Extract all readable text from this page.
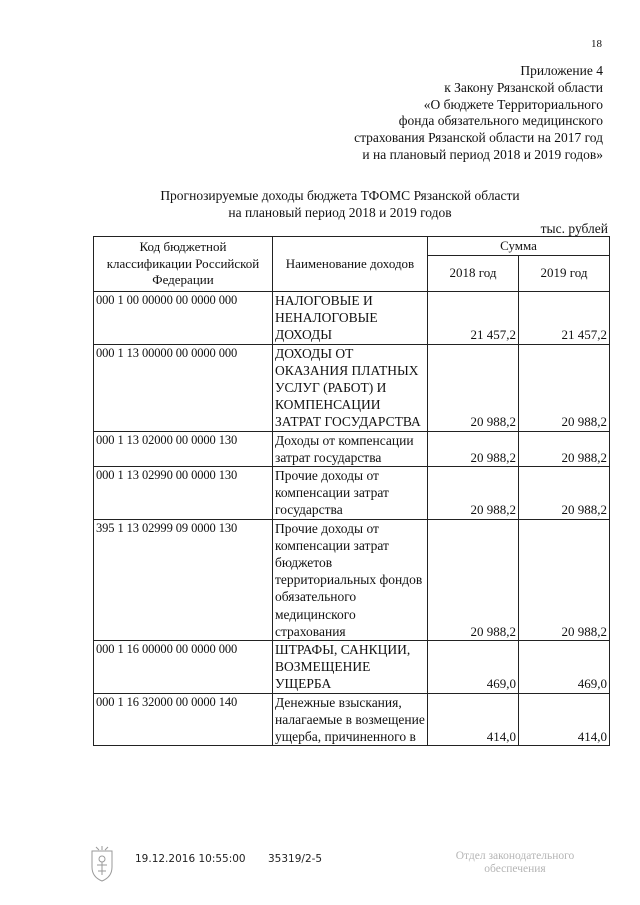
18
Приложение 4
к Закону Рязанской области
«О бюджете Территориального
фонда обязательного медицинского
страхования Рязанской области на 2017 год
и на плановый период 2018 и 2019 годов»
Прогнозируемые доходы бюджета ТФОМС Рязанской области
на плановый период 2018 и 2019 годов
тыс. рублей
Код бюджетной классификации Российской Федерации	Наименование доходов	Сумма	
		2018 год	2019 год
000 1 00 00000 00 0000 000	НАЛОГОВЫЕ И НЕНАЛОГОВЫЕ ДОХОДЫ	21 457,2	21 457,2
000 1 13 00000 00 0000 000	ДОХОДЫ ОТ ОКАЗАНИЯ ПЛАТНЫХ УСЛУГ (РАБОТ) И КОМПЕНСАЦИИ ЗАТРАТ ГОСУДАРСТВА	20 988,2	20 988,2
000 1 13 02000 00 0000 130	Доходы от компенсации затрат государства	20 988,2	20 988,2
000 1 13 02990 00 0000 130	Прочие доходы от компенсации затрат государства	20 988,2	20 988,2
395 1 13 02999 09 0000 130	Прочие доходы от компенсации затрат бюджетов территориальных фондов обязательного медицинского страхования	20 988,2	20 988,2
000 1 16 00000 00 0000 000	ШТРАФЫ, САНКЦИИ, ВОЗМЕЩЕНИЕ УЩЕРБА	469,0	469,0
000 1 16 32000 00 0000 140	Денежные взыскания, налагаемые в возмещение ущерба, причиненного в	414,0	414,0
19.12.2016 10:55:00 35319/2-5	Отдел законодательного
обеспечения
